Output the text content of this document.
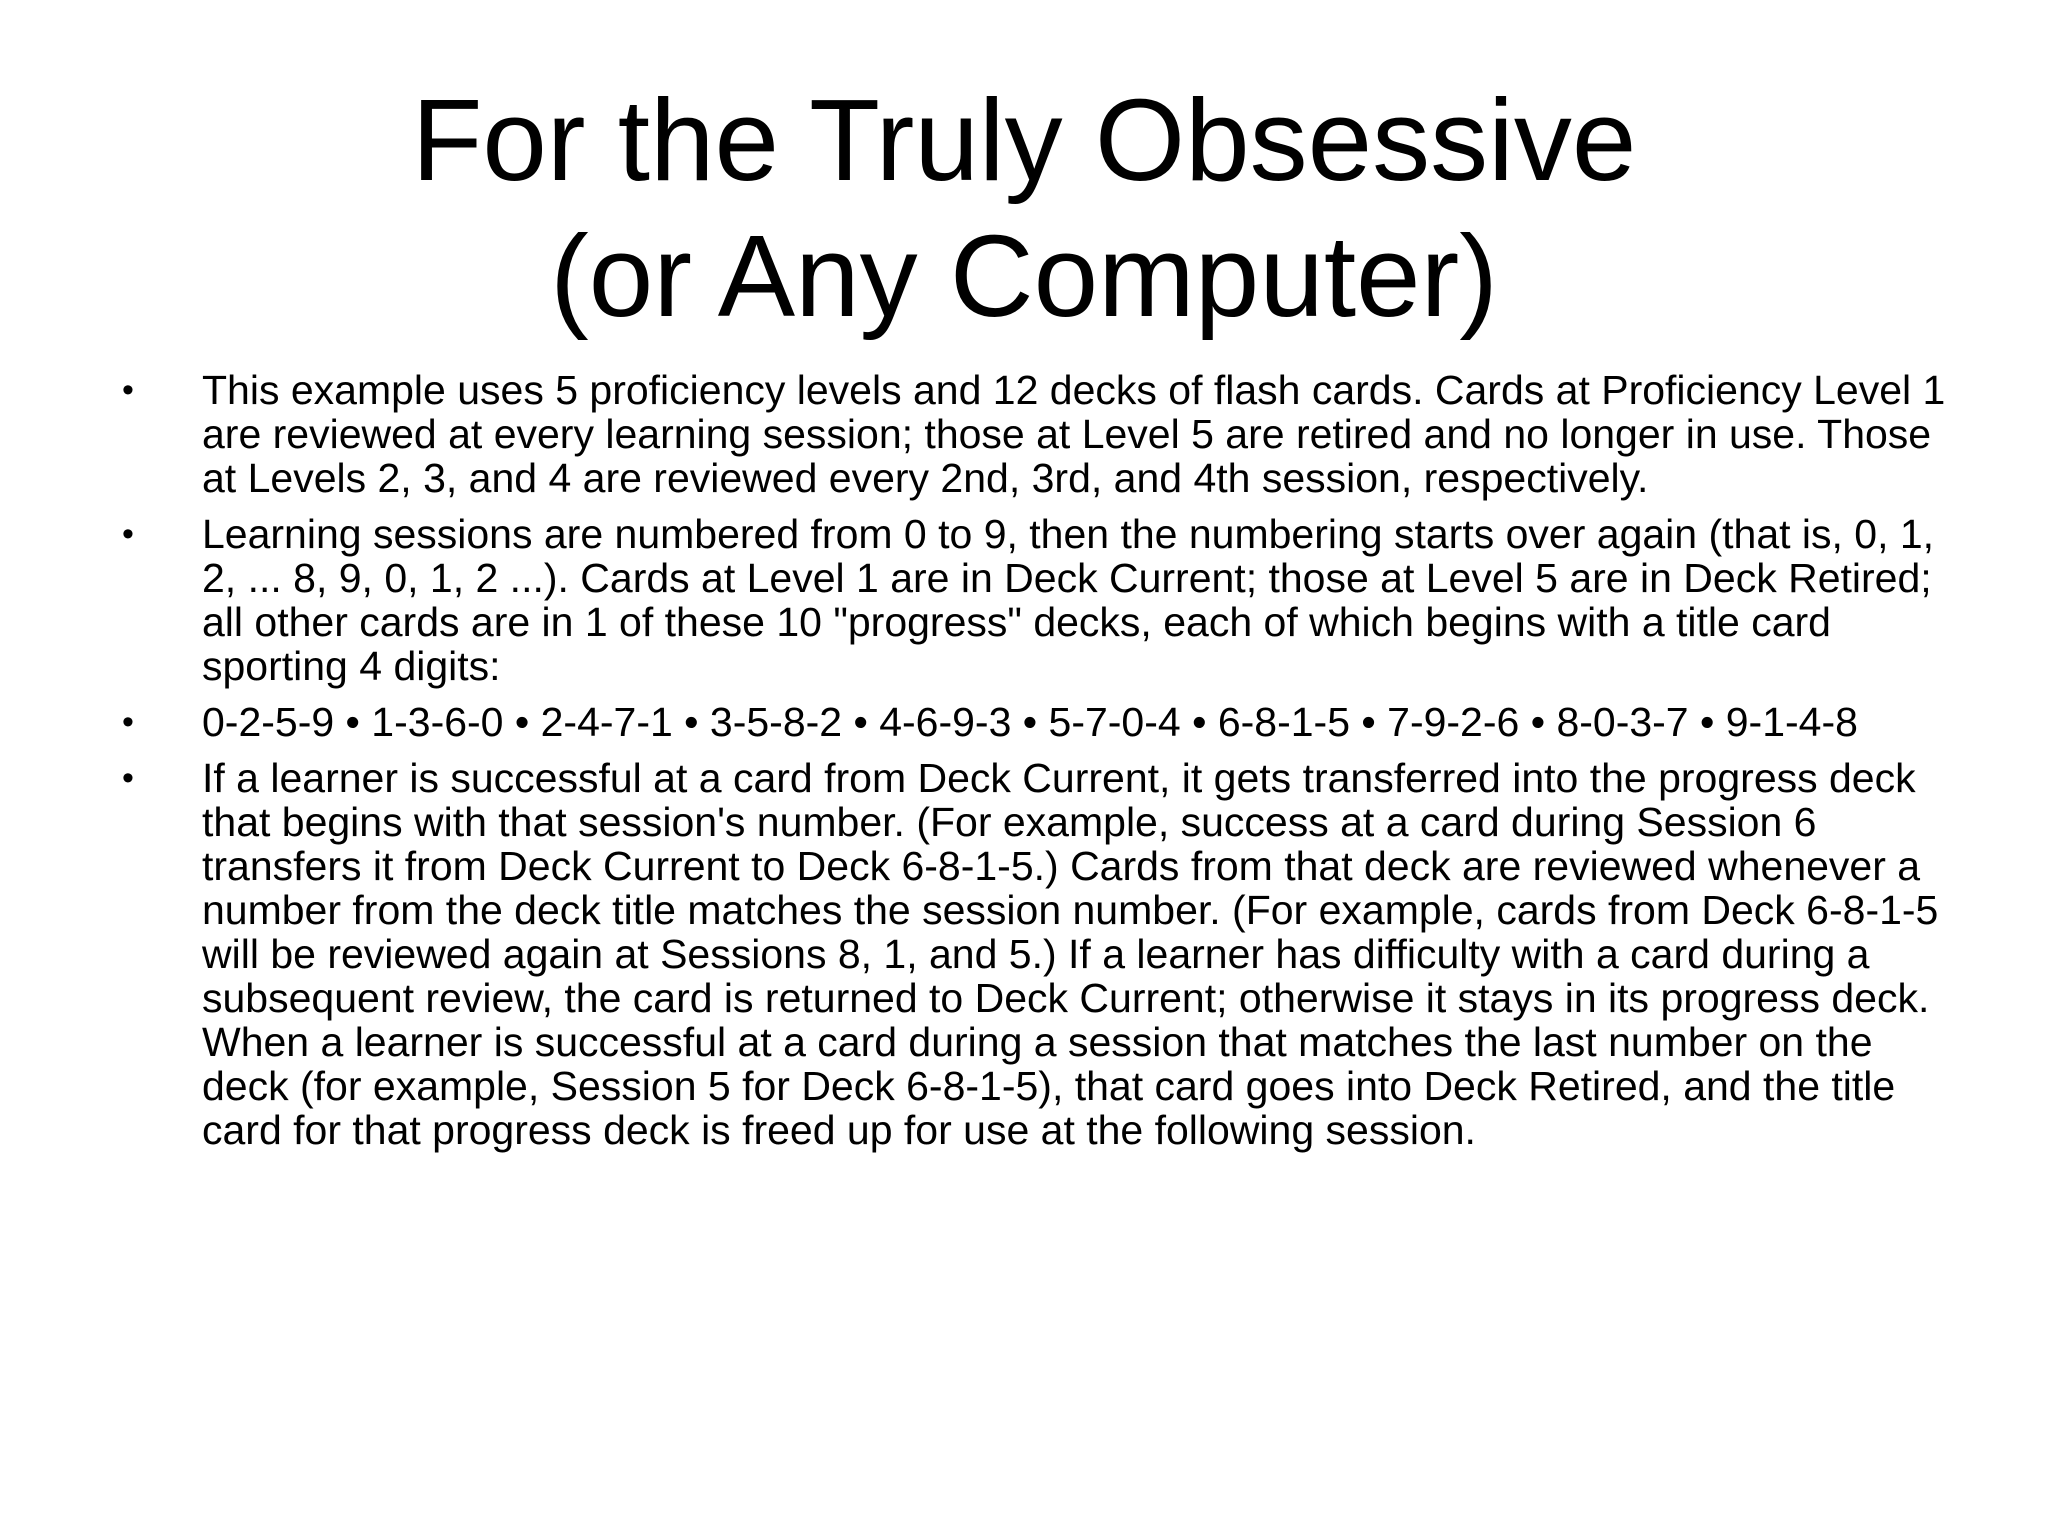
For the Truly Obsessive
(or Any Computer)
• This example uses 5 proficiency levels and 12 decks of flash cards. Cards at Proficiency Level 1 are reviewed at every learning session; those at Level 5 are retired and no longer in use. Those at Levels 2, 3, and 4 are reviewed every 2nd, 3rd, and 4th session, respectively.
• Learning sessions are numbered from 0 to 9, then the numbering starts over again (that is, 0, 1, 2, ... 8, 9, 0, 1, 2 ...). Cards at Level 1 are in Deck Current; those at Level 5 are in Deck Retired; all other cards are in 1 of these 10 "progress" decks, each of which begins with a title card sporting 4 digits:
• 0-2-5-9 • 1-3-6-0 • 2-4-7-1 • 3-5-8-2 • 4-6-9-3 • 5-7-0-4 • 6-8-1-5 • 7-9-2-6 • 8-0-3-7 • 9-1-4-8
• If a learner is successful at a card from Deck Current, it gets transferred into the progress deck that begins with that session's number. (For example, success at a card during Session 6 transfers it from Deck Current to Deck 6-8-1-5.) Cards from that deck are reviewed whenever a number from the deck title matches the session number. (For example, cards from Deck 6-8-1-5 will be reviewed again at Sessions 8, 1, and 5.) If a learner has difficulty with a card during a subsequent review, the card is returned to Deck Current; otherwise it stays in its progress deck. When a learner is successful at a card during a session that matches the last number on the deck (for example, Session 5 for Deck 6-8-1-5), that card goes into Deck Retired, and the title card for that progress deck is freed up for use at the following session.
